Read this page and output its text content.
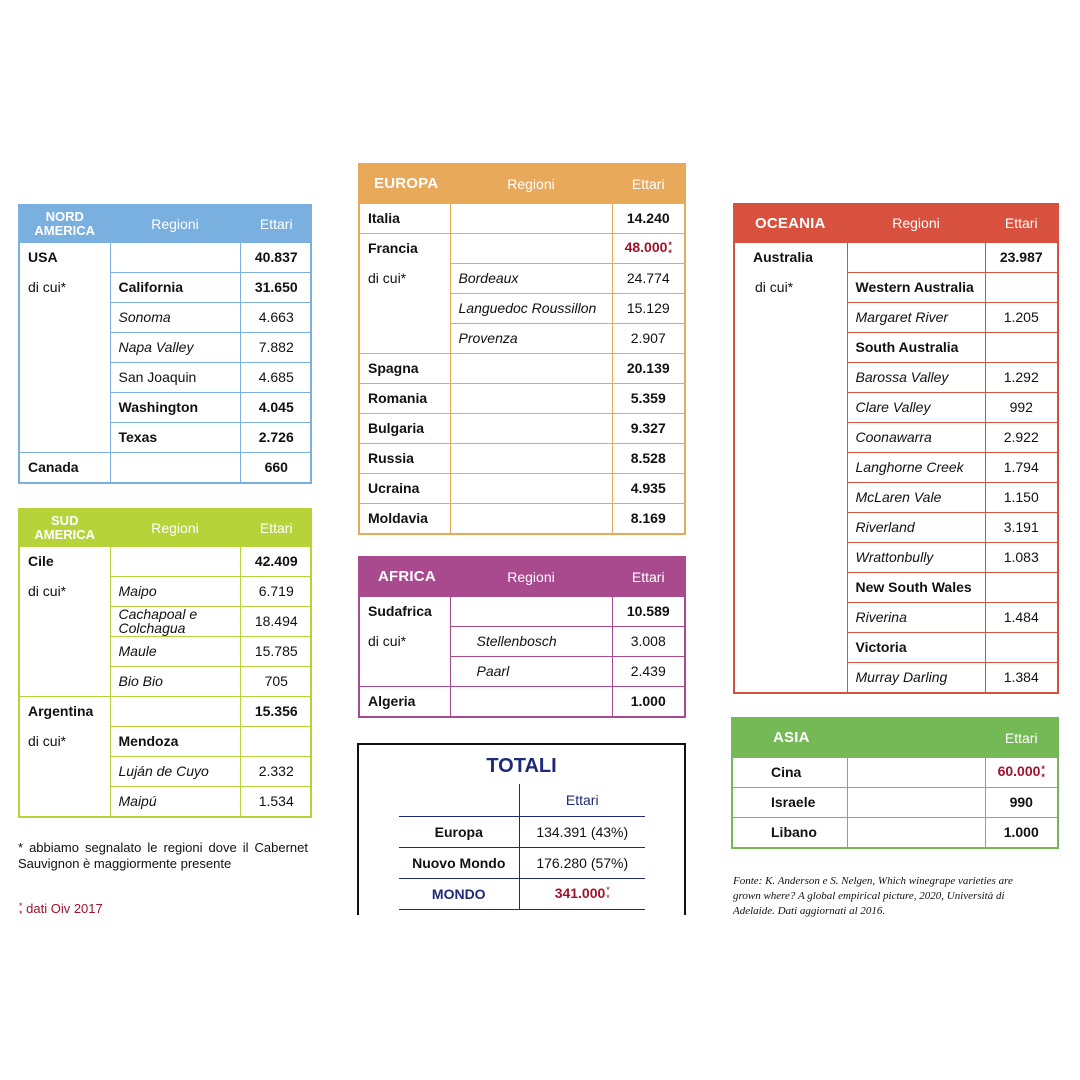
NORD
AMERICA	Regioni	Ettari
USA		40.837
di cui*	California	31.650
	Sonoma	4.663
	Napa Valley	7.882
	San Joaquin	4.685
	Washington	4.045
	Texas	2.726
Canada		660
SUD
AMERICA	Regioni	Ettari
Cile		42.409
di cui*	Maipo	6.719
	Cachapoal e
Colchagua	18.494
	Maule	15.785
	Bio Bio	705
Argentina		15.356
di cui*	Mendoza	
	Luján de Cuyo	2.332
	Maipú	1.534
* abbiamo segnalato le regioni dove il Cabernet Sauvignon è maggiormente presente
*
* dati Oiv 2017
EUROPA	Regioni	Ettari
Italia		14.240
Francia		48.000*
*
di cui*	Bordeaux	24.774
	Languedoc Roussillon	15.129
	Provenza	2.907
Spagna		20.139
Romania		5.359
Bulgaria		9.327
Russia		8.528
Ucraina		4.935
Moldavia		8.169
AFRICA	Regioni	Ettari
Sudafrica		10.589
di cui*	Stellenbosch	3.008
	Paarl	2.439
Algeria		1.000
TOTALI
	Ettari
Europa	134.391 (43%)
Nuovo Mondo	176.280 (57%)
MONDO	341.000*
*
OCEANIA	Regioni	Ettari
Australia		23.987
di cui*	Western Australia	
	Margaret River	1.205
	South Australia	
	Barossa Valley	1.292
	Clare Valley	992
	Coonawarra	2.922
	Langhorne Creek	1.794
	McLaren Vale	1.150
	Riverland	3.191
	Wrattonbully	1.083
	New South Wales	
	Riverina	1.484
	Victoria	
	Murray Darling	1.384
ASIA		Ettari
Cina		60.000*
*
Israele		990
Libano		1.000
Fonte: K. Anderson e S. Nelgen, Which winegrape varieties are grown where? A global empirical picture, 2020, Università di Adelaide. Dati aggiornati al 2016.
